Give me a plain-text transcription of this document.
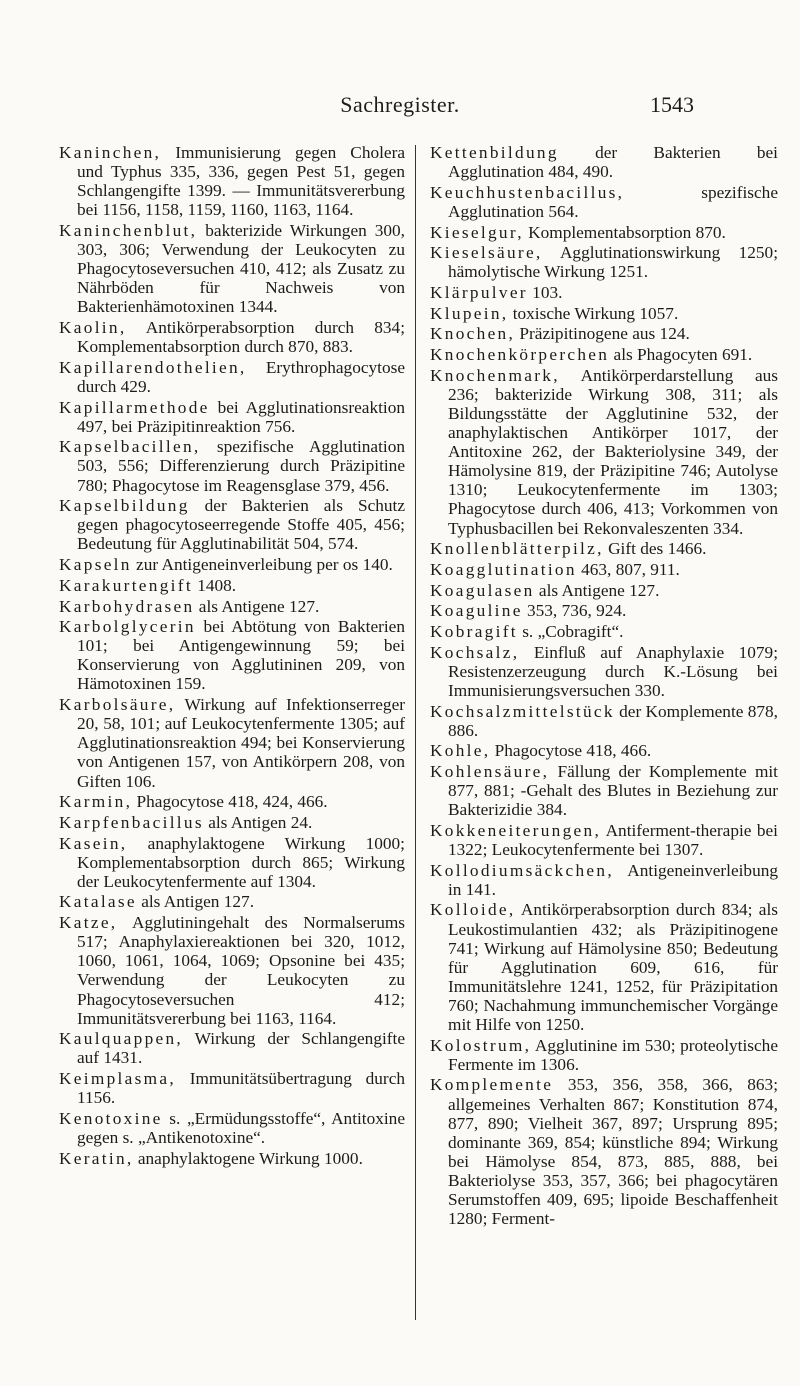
Sachregister.	1543

Kaninchen, Immunisierung gegen Cholera und Typhus 335, 336, gegen Pest 51, gegen Schlangengifte 1399. — Immunitätsvererbung bei 1156, 1158, 1159, 1160, 1163, 1164.

Kaninchenblut, bakterizide Wirkungen 300, 303, 306; Verwendung der Leukocyten zu Phagocytoseversuchen 410, 412; als Zusatz zu Nährböden für Nachweis von Bakterienhämotoxinen 1344.

Kaolin, Antikörperabsorption durch 834; Komplementabsorption durch 870, 883.

Kapillarendothelien, Erythrophagocytose durch 429.

Kapillarmethode bei Agglutinationsreaktion 497, bei Präzipitinreaktion 756.

Kapselbacillen, spezifische Agglutination 503, 556; Differenzierung durch Präzipitine 780; Phagocytose im Reagensglase 379, 456.

Kapselbildung der Bakterien als Schutz gegen phagocytoseerregende Stoffe 405, 456; Bedeutung für Agglutinabilität 504, 574.

Kapseln zur Antigeneinverleibung per os 140.

Karakurtengift 1408.

Karbohydrasen als Antigene 127.

Karbolglycerin bei Abtötung von Bakterien 101; bei Antigengewinnung 59; bei Konservierung von Agglutininen 209, von Hämotoxinen 159.

Karbolsäure, Wirkung auf Infektionserreger 20, 58, 101; auf Leukocytenfermente 1305; auf Agglutinationsreaktion 494; bei Konservierung von Antigenen 157, von Antikörpern 208, von Giften 106.

Karmin, Phagocytose 418, 424, 466.

Karpfenbacillus als Antigen 24.

Kasein, anaphylaktogene Wirkung 1000; Komplementabsorption durch 865; Wirkung der Leukocytenfermente auf 1304.

Katalase als Antigen 127.

Katze, Agglutiningehalt des Normalserums 517; Anaphylaxiereaktionen bei 320, 1012, 1060, 1061, 1064, 1069; Opsonine bei 435; Verwendung der Leukocyten zu Phagocytoseversuchen 412; Immunitätsvererbung bei 1163, 1164.

Kaulquappen, Wirkung der Schlangengifte auf 1431.

Keimplasma, Immunitätsübertragung durch 1156.

Kenotoxine s. „Ermüdungsstoffe“, Antitoxine gegen s. „Antikenotoxine“.

Keratin, anaphylaktogene Wirkung 1000.

Kettenbildung der Bakterien bei Agglutination 484, 490.

Keuchhustenbacillus, spezifische Agglutination 564.

Kieselgur, Komplementabsorption 870.

Kieselsäure, Agglutinationswirkung 1250; hämolytische Wirkung 1251.

Klärpulver 103.

Klupein, toxische Wirkung 1057.

Knochen, Präzipitinogene aus 124.

Knochenkörperchen als Phagocyten 691.

Knochenmark, Antikörperdarstellung aus 236; bakterizide Wirkung 308, 311; als Bildungsstätte der Agglutinine 532, der anaphylaktischen Antikörper 1017, der Antitoxine 262, der Bakteriolysine 349, der Hämolysine 819, der Präzipitine 746; Autolyse 1310; Leukocytenfermente im 1303; Phagocytose durch 406, 413; Vorkommen von Typhusbacillen bei Rekonvaleszenten 334.

Knollenblätterpilz, Gift des 1466.

Koagglutination 463, 807, 911.

Koagulasen als Antigene 127.

Koaguline 353, 736, 924.

Kobragift s. „Cobragift“.

Kochsalz, Einfluß auf Anaphylaxie 1079; Resistenzerzeugung durch K.-Lösung bei Immunisierungsversuchen 330.

Kochsalzmittelstück der Komplemente 878, 886.

Kohle, Phagocytose 418, 466.

Kohlensäure, Fällung der Komplemente mit 877, 881; -Gehalt des Blutes in Beziehung zur Bakterizidie 384.

Kokkeneiterungen, Antiferment-therapie bei 1322; Leukocytenfermente bei 1307.

Kollodiumsäckchen, Antigeneinverleibung in 141.

Kolloide, Antikörperabsorption durch 834; als Leukostimulantien 432; als Präzipitinogene 741; Wirkung auf Hämolysine 850; Bedeutung für Agglutination 609, 616, für Immunitätslehre 1241, 1252, für Präzipitation 760; Nachahmung immunchemischer Vorgänge mit Hilfe von 1250.

Kolostrum, Agglutinine im 530; proteolytische Fermente im 1306.

Komplemente 353, 356, 358, 366, 863; allgemeines Verhalten 867; Konstitution 874, 877, 890; Vielheit 367, 897; Ursprung 895; dominante 369, 854; künstliche 894; Wirkung bei Hämolyse 854, 873, 885, 888, bei Bakteriolyse 353, 357, 366; bei phagocytären Serumstoffen 409, 695; lipoide Beschaffenheit 1280; Ferment-
